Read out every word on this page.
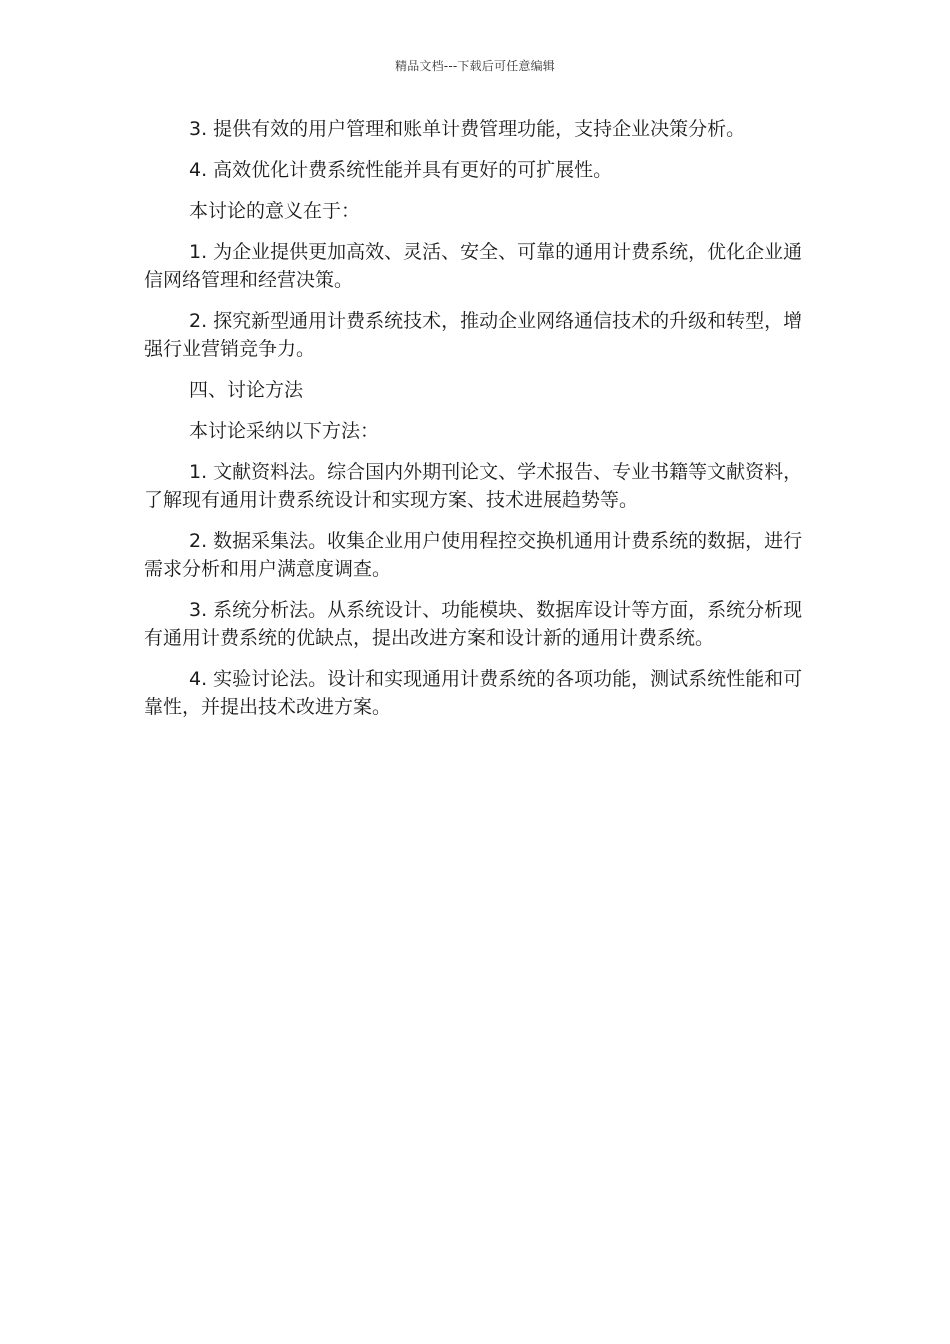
精品文档---下载后可任意编辑

3. 提供有效的用户管理和账单计费管理功能，支持企业决策分析。

4. 高效优化计费系统性能并具有更好的可扩展性。

本讨论的意义在于：

1. 为企业提供更加高效、灵活、安全、可靠的通用计费系统，优化企业通信网络管理和经营决策。

2. 探究新型通用计费系统技术，推动企业网络通信技术的升级和转型，增强行业营销竞争力。

四、讨论方法

本讨论采纳以下方法：

1. 文献资料法。综合国内外期刊论文、学术报告、专业书籍等文献资料，了解现有通用计费系统设计和实现方案、技术进展趋势等。

2. 数据采集法。收集企业用户使用程控交换机通用计费系统的数据，进行需求分析和用户满意度调查。

3. 系统分析法。从系统设计、功能模块、数据库设计等方面，系统分析现有通用计费系统的优缺点，提出改进方案和设计新的通用计费系统。

4. 实验讨论法。设计和实现通用计费系统的各项功能，测试系统性能和可靠性，并提出技术改进方案。
